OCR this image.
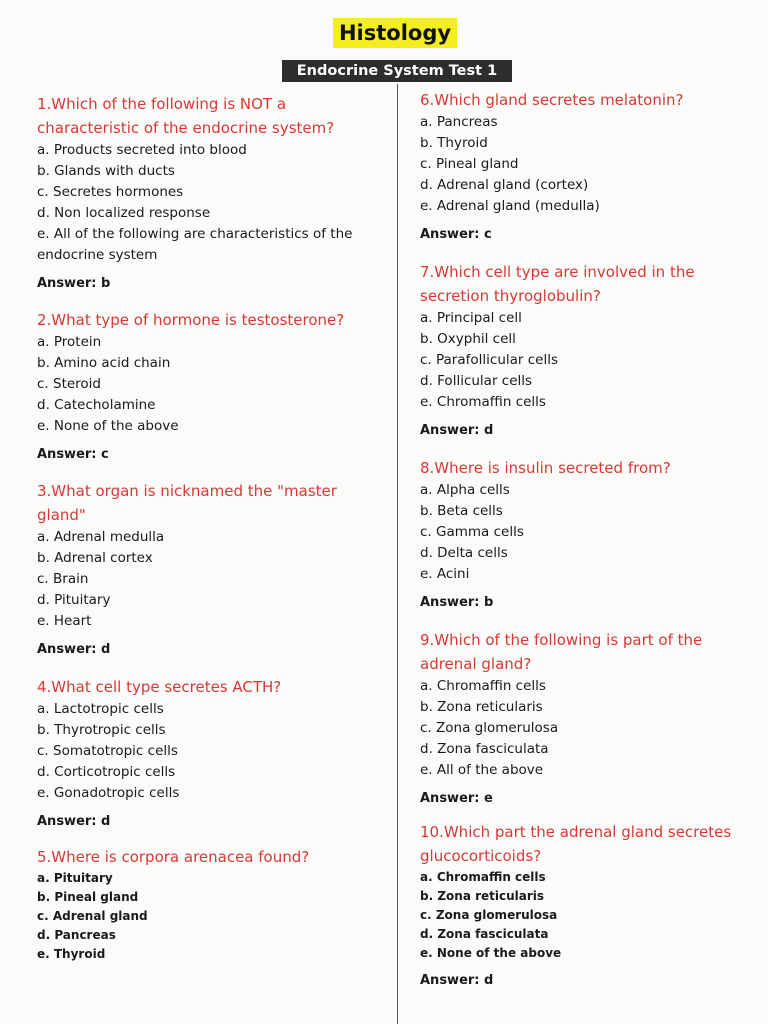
Histology
Endocrine System Test 1
1.Which of the following is NOT a characteristic of the endocrine system?
a. Products secreted into blood
b. Glands with ducts
c. Secretes hormones
d. Non localized response
e. All of the following are characteristics of the endocrine system
Answer: b
2.What type of hormone is testosterone?
a. Protein
b. Amino acid chain
c. Steroid
d. Catecholamine
e. None of the above
Answer: c
3.What organ is nicknamed the "master gland"
a. Adrenal medulla
b. Adrenal cortex
c. Brain
d. Pituitary
e. Heart
Answer: d
4.What cell type secretes ACTH?
a. Lactotropic cells
b. Thyrotropic cells
c. Somatotropic cells
d. Corticotropic cells
e. Gonadotropic cells
Answer: d
5.Where is corpora arenacea found?
a. Pituitary
b. Pineal gland
c. Adrenal gland
d. Pancreas
e. Thyroid
6.Which gland secretes melatonin?
a. Pancreas
b. Thyroid
c. Pineal gland
d. Adrenal gland (cortex)
e. Adrenal gland (medulla)
Answer: c
7.Which cell type are involved in the secretion thyroglobulin?
a. Principal cell
b. Oxyphil cell
c. Parafollicular cells
d. Follicular cells
e. Chromaffin cells
Answer: d
8.Where is insulin secreted from?
a. Alpha cells
b. Beta cells
c. Gamma cells
d. Delta cells
e. Acini
Answer: b
9.Which of the following is part of the adrenal gland?
a. Chromaffin cells
b. Zona reticularis
c. Zona glomerulosa
d. Zona fasciculata
e. All of the above
Answer: e
10.Which part the adrenal gland secretes glucocorticoids?
a. Chromaffin cells
b. Zona reticularis
c. Zona glomerulosa
d. Zona fasciculata
e. None of the above
Answer: d
